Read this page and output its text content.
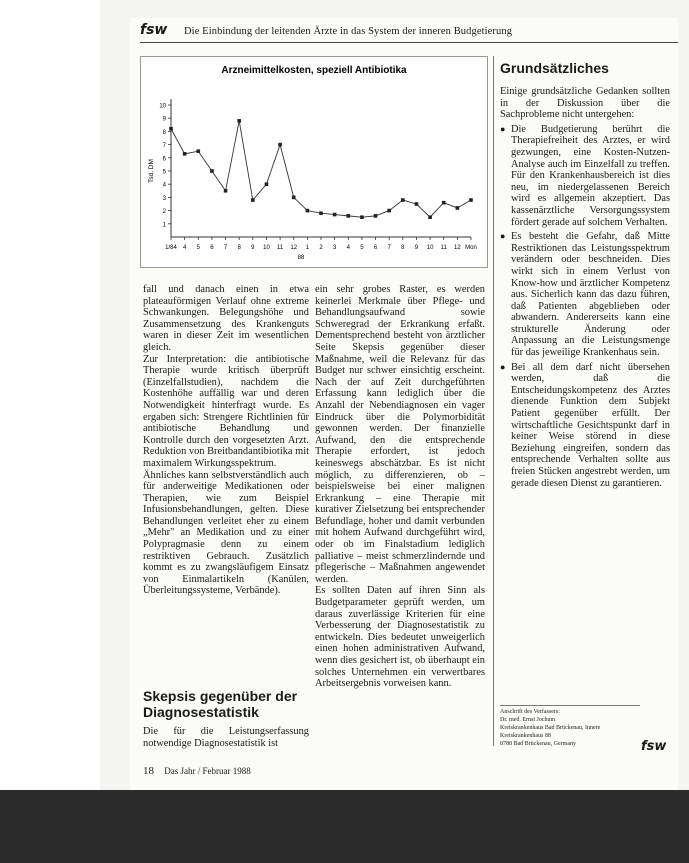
fsw Die Einbindung der leitenden Ärzte in das System der inneren Budgetierung
Arzneimittelkosten, speziell Antibiotika
1
2
3
4
5
6
7
8
9
10
Tsd. DM
1/84 4 5 6 7 8 9 10 11 12 1 2 3 4 5 6 7 8 9 10 11 12 Mon
88

fall und danach einen in etwa plateauförmigen Verlauf ohne extreme Schwankungen. Belegungshöhe und Zusammensetzung des Krankenguts waren in dieser Zeit im wesentlichen gleich.

Zur Interpretation: die antibiotische Therapie wurde kritisch überprüft (Einzelfallstudien), nachdem die Kostenhöhe auffällig war und deren Notwendigkeit hinterfragt wurde. Es ergaben sich: Strengere Richtlinien für antibiotische Behandlung und Kontrolle durch den vorgesetzten Arzt. Reduktion von Breitbandantibiotika mit maximalem Wirkungsspektrum.

Ähnliches kann selbstverständlich auch für anderweitige Medikationen oder Therapien, wie zum Beispiel Infusionsbehandlungen, gelten. Diese Behandlungen verleitet eher zu einem „Mehr" an Medikation und zu einer Polypragmasie denn zu einem restriktiven Gebrauch. Zusätzlich kommt es zu zwangsläufigem Einsatz von Einmalartikeln (Kanülen, Überleitungssysteme, Verbände).

Skepsis gegenüber der Diagnosestatistik
Die für die Leistungserfassung notwendige Diagnosestatistik ist

ein sehr grobes Raster, es werden keinerlei Merkmale über Pflege- und Behandlungsaufwand sowie Schweregrad der Erkrankung erfaßt. Dementsprechend besteht von ärztlicher Seite Skepsis gegenüber dieser Maßnahme, weil die Relevanz für das Budget nur schwer einsichtig erscheint. Nach der auf Zeit durchgeführten Erfassung kann lediglich über die Anzahl der Nebendiagnosen ein vager Eindruck über die Polymorbidität gewonnen werden. Der finanzielle Aufwand, den die entsprechende Therapie erfordert, ist jedoch keineswegs abschätzbar. Es ist nicht möglich, zu differenzieren, ob – beispielsweise bei einer malignen Erkrankung – eine Therapie mit kurativer Zielsetzung bei entsprechender Befundlage, hoher und damit verbunden mit hohem Aufwand durchgeführt wird, oder ob im Finalstadium lediglich palliative – meist schmerzlindernde und pflegerische – Maßnahmen angewendet werden.

Es sollten Daten auf ihren Sinn als Budgetparameter geprüft werden, um daraus zuverlässige Kriterien für eine Verbesserung der Diagnosestatistik zu entwickeln. Dies bedeutet unweigerlich einen hohen administrativen Aufwand, wenn dies gesichert ist, ob überhaupt ein solches Unternehmen ein verwertbares Arbeitsergebnis vorweisen kann.

Grundsätzliches

Einige grundsätzliche Gedanken sollten in der Diskussion über die Sachprobleme nicht untergehen:

● Die Budgetierung berührt die Therapiefreiheit des Arztes, er wird gezwungen, eine Kosten-Nutzen-Analyse auch im Einzelfall zu treffen. Für den Krankenhausbereich ist dies neu, im niedergelassenen Bereich wird es allgemein akzeptiert. Das kassenärztliche Versorgungssystem fördert gerade auf solchem Verhalten.

● Es besteht die Gefahr, daß Mitte Restriktionen das Leistungsspektrum verändern oder beschneiden. Dies wirkt sich in einem Verlust von Know-how und ärztlicher Kompetenz aus. Sicherlich kann das dazu führen, daß Patienten abgeblieben oder abwandern. Andererseits kann eine strukturelle Änderung oder Anpassung an die Leistungsmenge für das jeweilige Krankenhaus sein.

● Bei all dem darf nicht übersehen werden, daß die Entscheidungskompetenz des Arztes dienende Funktion dem Subjekt Patient gegenüber erfüllt. Der wirtschaftliche Gesichtspunkt darf in keiner Weise störend in diese Beziehung eingreifen, sondern das entsprechende Verhalten sollte aus freien Stücken angestrebt werden, um gerade diesen Dienst zu garantieren.

Anschrift des Verfassers:
Dr. med. Ernst Jochum
Kreiskrankenhaus Bad Brückenau, Innere
Kreiskrankenhaus 88
8788 Bad Brückenau, Germany	fsw
18 Das Jahr / Februar 1988
